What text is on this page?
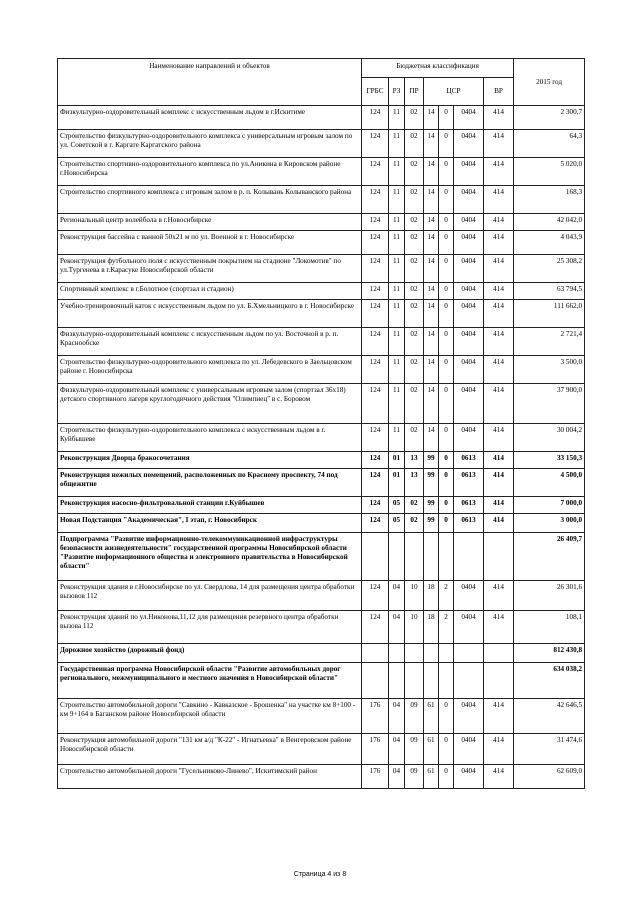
Наименование направлений и объектов	Бюджетная классификация							2015 год
	ГРБС	РЗ	ПР	ЦСР			ВР	
Физкультурно-оздоровительный комплекс с искусственным льдом в г.Искитиме	124	11	02	14	0	0404	414	2 300,7
Строительство физкультурно-оздоровительного комплекса с универсальным игровым залом по ул. Советской в г. Каргате Каргатского района	124	11	02	14	0	0404	414	64,3
Строительство спортивно-оздоровительного комплекса по ул.Аникина в Кировском районе г.Новосибирска	124	11	02	14	0	0404	414	5 020,0
Строительство спортивного комплекса с игровым залом в р. п. Колывань Колыванского района	124	11	02	14	0	0404	414	168,3
Региональный центр волейбола в г.Новосибирске	124	11	02	14	0	0404	414	42 042,0
Реконструкция бассейна с ванной 50х21 м по ул. Военной в г. Новосибирске	124	11	02	14	0	0404	414	4 043,9
Реконструкция футбольного поля с искусственным покрытием на стадионе "Локомотив" по ул.Тургенева в г.Карасуке Новосибирской области	124	11	02	14	0	0404	414	25 308,2
Спортивный комплекс в г.Болотное (спортзал и стадион)	124	11	02	14	0	0404	414	63 794,5
Учебно-тренировочный каток с искусственным льдом по ул. Б.Хмельницкого в г. Новосибирске	124	11	02	14	0	0404	414	111 662,0
Физкультурно-оздоровительный комплекс с искусственным льдом по ул. Восточной в р. п. Краснообске	124	11	02	14	0	0404	414	2 721,4
Строительство физкультурно-оздоровительного комплекса по ул. Лебедевского в Заельцовском районе г. Новосибирска	124	11	02	14	0	0404	414	3 500,0
Физкультурно-оздоровительный комплекс с универсальным игровым залом (спортзал 36х18) детского спортивного лагеря круглогодичного действия "Олимпиец" в с. Боровом	124	11	02	14	0	0404	414	37 900,0
Строительство физкультурно-оздоровительного комплекса с искусственным льдом в г. Куйбышеве	124	11	02	14	0	0404	414	30 004,2
Реконструкция Дворца бракосочетания	124	01	13	99	0	0613	414	33 150,3
Реконструкция нежилых помещений, расположенных по Красному проспекту, 74 под общежитие	124	01	13	99	0	0613	414	4 500,0
Реконструкция насосно-фильтровальной станции г.Куйбышев	124	05	02	99	0	0613	414	7 000,0
Новая Подстанция "Академическая", I этап, г. Новосибирск	124	05	02	99	0	0613	414	3 000,0
Подпрограмма "Развитие информационно-телекоммуникационной инфраструктуры безопасности жизнедеятельности" государственной программы Новосибирской области "Развитие информационного общества и электронного правительства в Новосибирской области"								26 409,7
Реконструкция здания в г.Новосибирске по ул. Свердлова, 14 для размещения центра обработки вызовов 112	124	04	10	18	2	0404	414	26 301,6
Реконструкция зданий по ул.Никонова,11,12 для размещения резервного центра обработки вызова 112	124	04	10	18	2	0404	414	108,1
Дорожное хозяйство (дорожный фонд)								812 430,8
Государственная программа Новосибирской области "Развитие автомобильных дорог регионального, межмуниципального и местного значения в Новосибирской области"								634 038,2
Строительство автомобильной дороги "Савкино - Кавказское - Брошенка" на участке км 8+100 - км 9+164 в Баганском районе Новосибирской области	176	04	09	61	0	0404	414	42 646,5
Реконструкция автомобильной дороги "131 км а/д "К-22" - Игнатьевка" в Венгеровском районе Новосибирской области	176	04	09	61	0	0404	414	31 474,6
Строительство автомобильной дороги "Гусельниково-Линево", Искитимский район	176	04	09	61	0	0404	414	62 609,0
Страница 4 из 8
